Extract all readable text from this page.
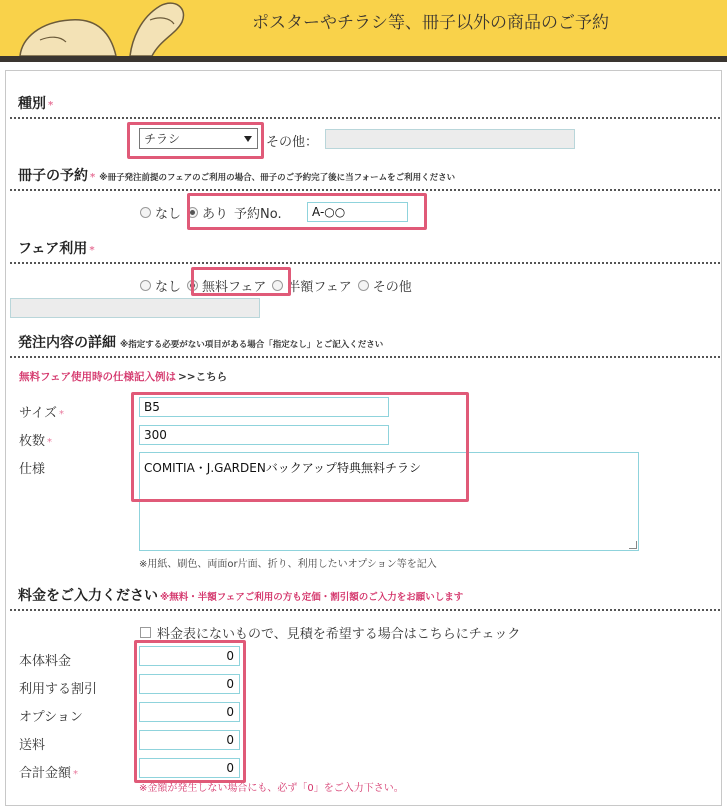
ポスターやチラシ等、冊子以外の商品のご予約
種別 *
チラシ	その他：
冊子の予約 * ※冊子発注前提のフェアのご利用の場合、冊子のご予約完了後に当フォームをご利用ください
なし あり 予約No.	A-○○
フェア利用 *
なし 無料フェア 半額フェア その他
発注内容の詳細 ※指定する必要がない項目がある場合「指定なし」とご記入ください
無料フェア使用時の仕様記入例は >>こちら
サイズ *
B5
枚数 *
300
仕様	COMITIA・J.GARDENバックアップ特典無料チラシ
※用紙、刷色、両面or片面、折り、利用したいオプション等を記入
料金をご入力ください ※無料・半額フェアご利用の方も定価・割引額のご入力をお願いします
料金表にないもので、見積を希望する場合はこちらにチェック
本体料金	0
利用する割引	0
オプション	0
送料	0
合計金額 *	0
※金額が発生しない場合にも、必ず「0」をご入力下さい。
